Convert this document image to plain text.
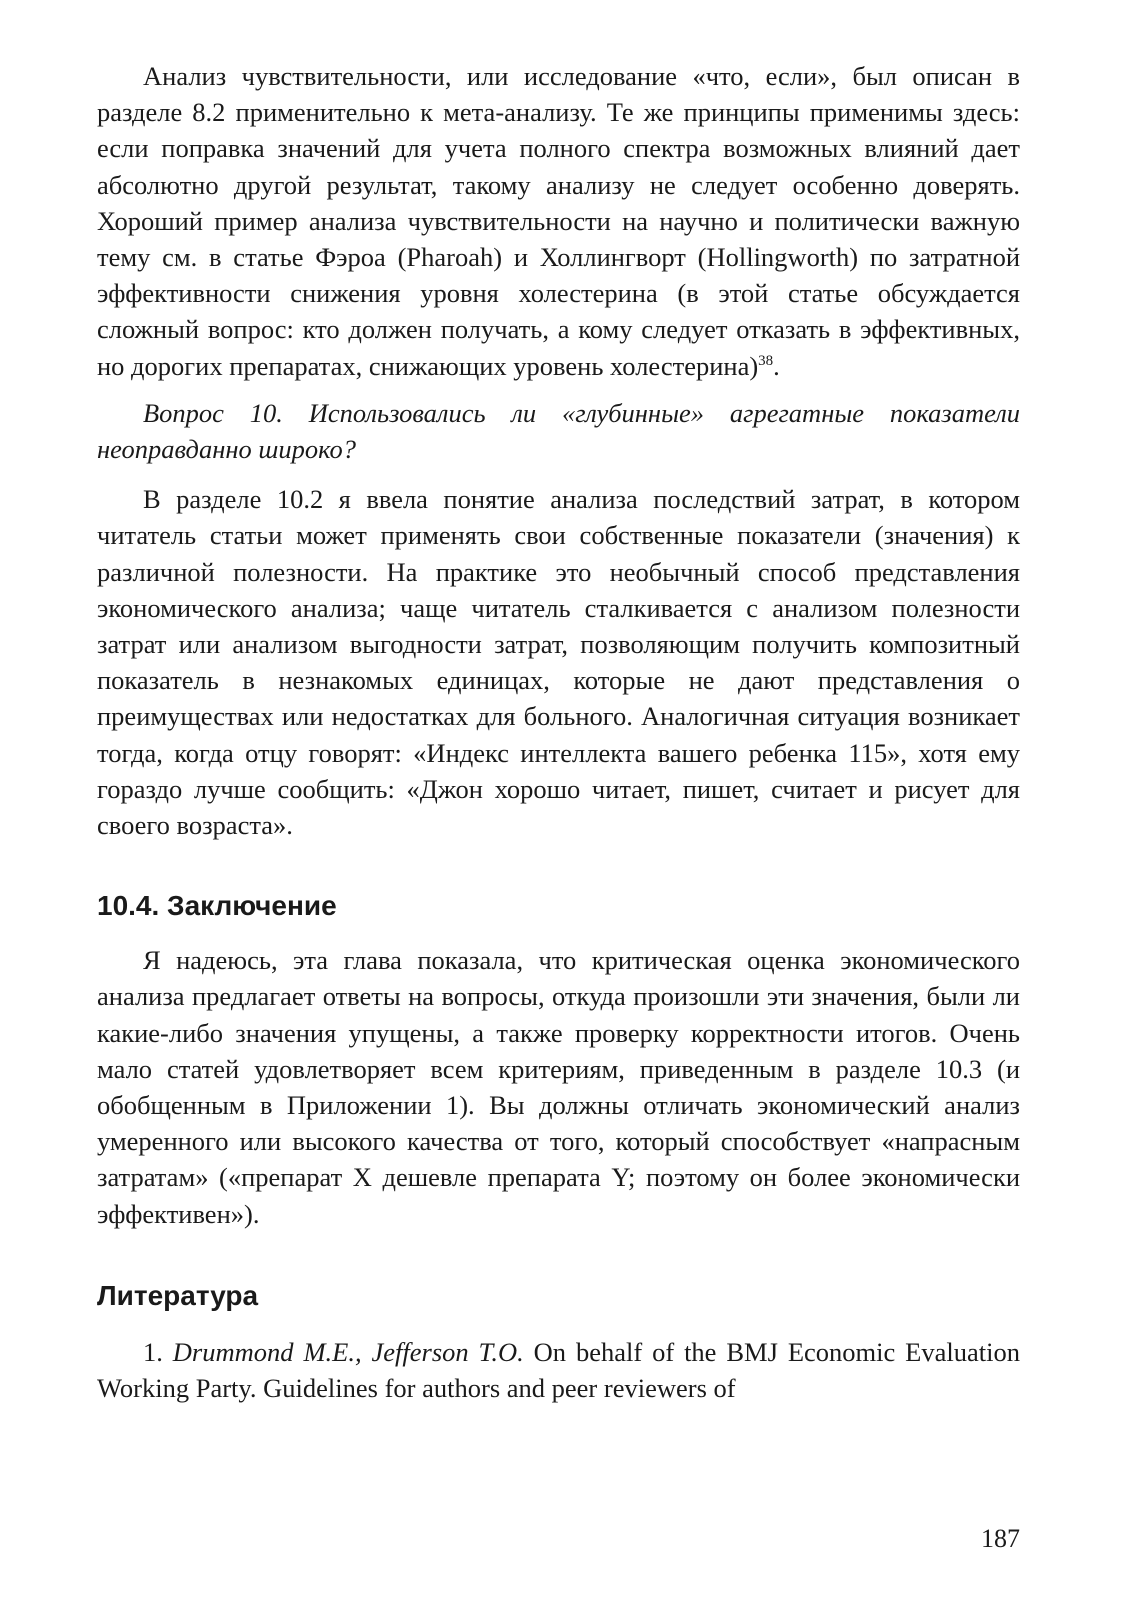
Анализ чувствительности, или исследование «что, если», был описан в разделе 8.2 применительно к мета-анализу. Те же принципы применимы здесь: если поправка значений для учета полного спектра возможных влияний дает абсолютно другой результат, такому анализу не следует особенно доверять. Хороший пример анализа чувствительности на научно и политически важную тему см. в статье Фэроа (Pharoah) и Холлингворт (Hollingworth) по затратной эффективности снижения уровня холестерина (в этой статье обсуждается сложный вопрос: кто должен получать, а кому следует отказать в эффективных, но дорогих препаратах, снижающих уровень холестерина)$^{38}$.

Вопрос 10. Использовались ли «глубинные» агрегатные показатели неоправданно широко?

В разделе 10.2 я ввела понятие анализа последствий затрат, в котором читатель статьи может применять свои собственные показатели (значения) к различной полезности. На практике это необычный способ представления экономического анализа; чаще читатель сталкивается с анализом полезности затрат или анализом выгодности затрат, позволяющим получить композитный показатель в незнакомых единицах, которые не дают представления о преимуществах или недостатках для больного. Аналогичная ситуация возникает тогда, когда отцу говорят: «Индекс интеллекта вашего ребенка 115», хотя ему гораздо лучше сообщить: «Джон хорошо читает, пишет, считает и рисует для своего возраста».

10.4. Заключение

Я надеюсь, эта глава показала, что критическая оценка экономического анализа предлагает ответы на вопросы, откуда произошли эти значения, были ли какие-либо значения упущены, а также проверку корректности итогов. Очень мало статей удовлетворяет всем критериям, приведенным в разделе 10.3 (и обобщенным в Приложении 1). Вы должны отличать экономический анализ умеренного или высокого качества от того, который способствует «напрасным затратам» («препарат X дешевле препарата Y; поэтому он более экономически эффективен»).

Литература

1. Drummond M.E., Jefferson T.O. On behalf of the BMJ Economic Evaluation Working Party. Guidelines for authors and peer reviewers of

187
